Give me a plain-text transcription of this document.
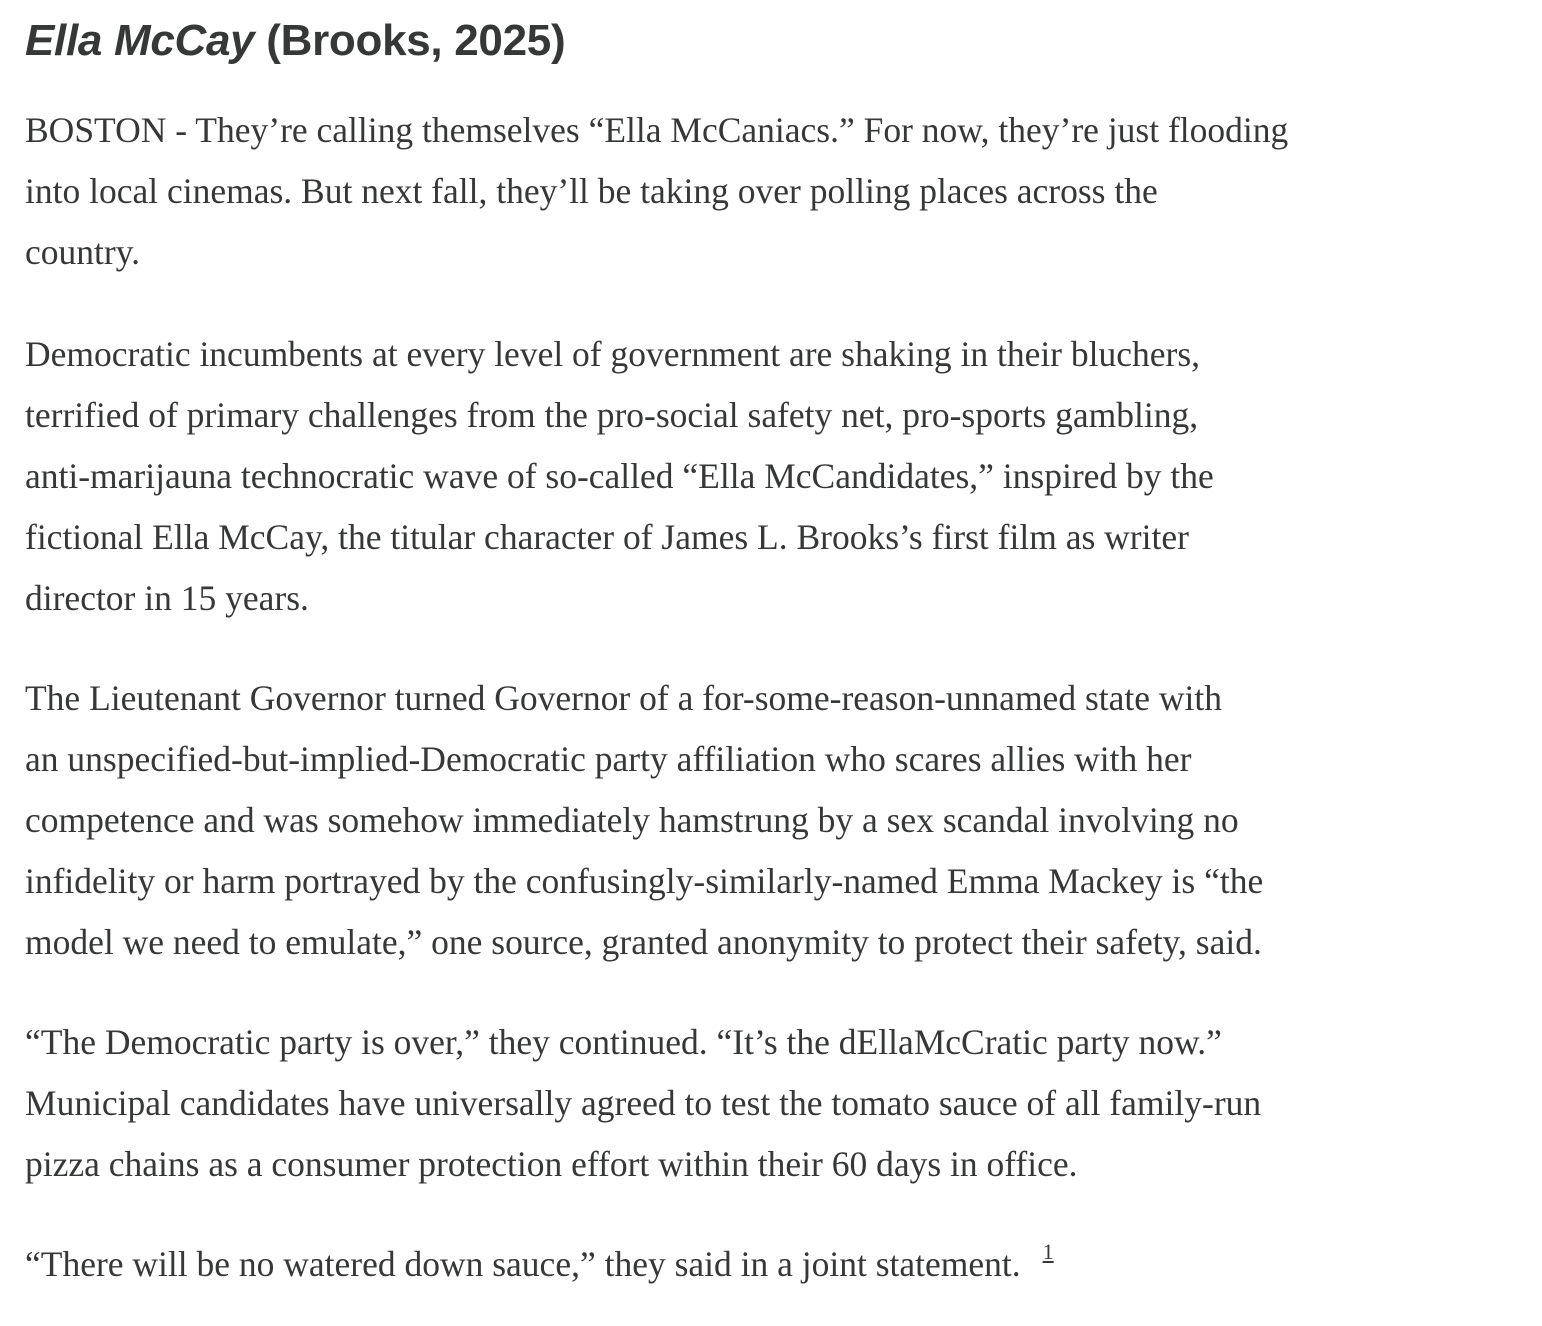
Ella McCay (Brooks, 2025)

BOSTON - They’re calling themselves “Ella McCaniacs.” For now, they’re just flooding
into local cinemas. But next fall, they’ll be taking over polling places across the
country.

Democratic incumbents at every level of government are shaking in their bluchers,
terrified of primary challenges from the pro-social safety net, pro-sports gambling,
anti-marijauna technocratic wave of so-called “Ella McCandidates,” inspired by the
fictional Ella McCay, the titular character of James L. Brooks’s first film as writer
director in 15 years.

The Lieutenant Governor turned Governor of a for-some-reason-unnamed state with
an unspecified-but-implied-Democratic party affiliation who scares allies with her
competence and was somehow immediately hamstrung by a sex scandal involving no
infidelity or harm portrayed by the confusingly-similarly-named Emma Mackey is “the
model we need to emulate,” one source, granted anonymity to protect their safety, said.

“The Democratic party is over,” they continued. “It’s the dEllaMcCratic party now.”
Municipal candidates have universally agreed to test the tomato sauce of all family-run
pizza chains as a consumer protection effort within their 60 days in office.

“There will be no watered down sauce,” they said in a joint statement. $^1$
